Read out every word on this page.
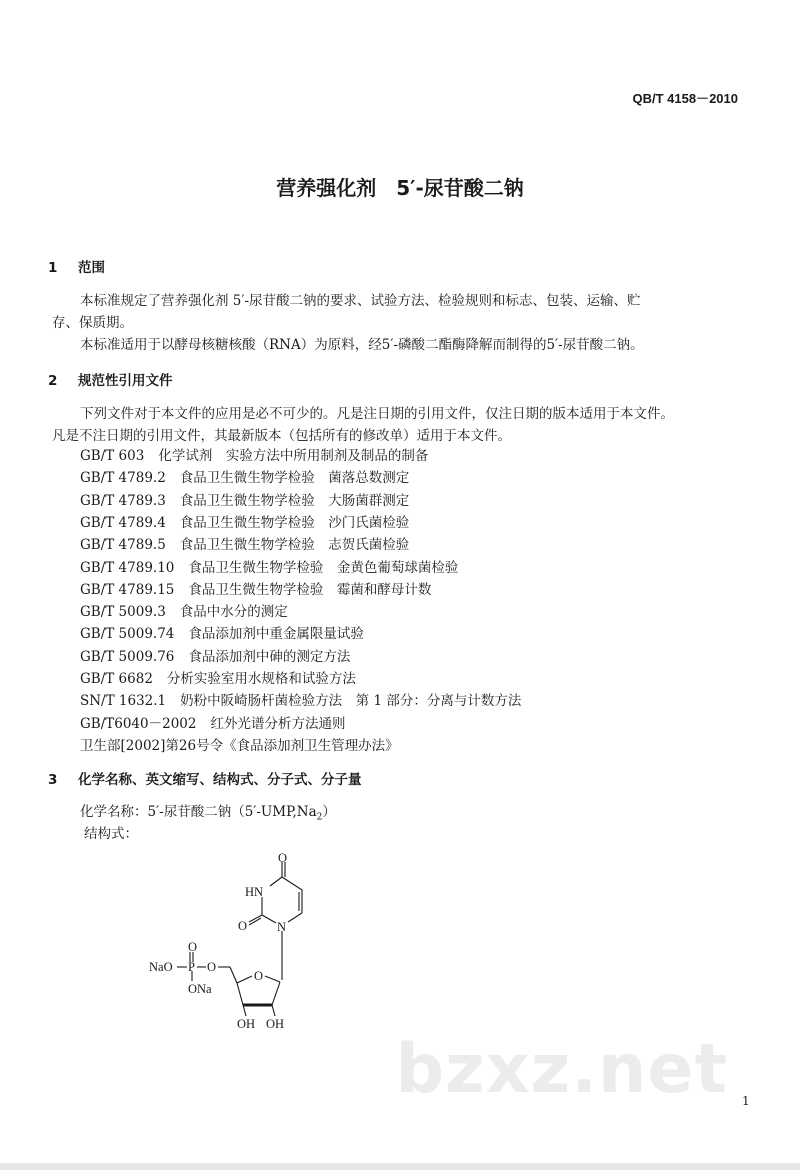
QB/T 4158－2010
营养强化剂　5′-尿苷酸二钠
1 范围
本标准规定了营养强化剂 5′-尿苷酸二钠的要求、试验方法、检验规则和标志、包装、运输、贮
存、保质期。
本标准适用于以酵母核糖核酸（RNA）为原料，经5′-磷酸二酯酶降解而制得的5′-尿苷酸二钠。
2 规范性引用文件
下列文件对于本文件的应用是必不可少的。凡是注日期的引用文件，仅注日期的版本适用于本文件。
凡是不注日期的引用文件，其最新版本（包括所有的修改单）适用于本文件。
GB/T 603 化学试剂　实验方法中所用制剂及制品的制备
GB/T 4789.2 食品卫生微生物学检验　菌落总数测定
GB/T 4789.3 食品卫生微生物学检验　大肠菌群测定
GB/T 4789.4 食品卫生微生物学检验　沙门氏菌检验
GB/T 4789.5 食品卫生微生物学检验　志贺氏菌检验
GB/T 4789.10 食品卫生微生物学检验　金黄色葡萄球菌检验
GB/T 4789.15 食品卫生微生物学检验　霉菌和酵母计数
GB/T 5009.3 食品中水分的测定
GB/T 5009.74 食品添加剂中重金属限量试验
GB/T 5009.76 食品添加剂中砷的测定方法
GB/T 6682 分析实验室用水规格和试验方法
SN/T 1632.1 奶粉中阪崎肠杆菌检验方法　第 1 部分：分离与计数方法
GB/T6040－2002 红外光谱分析方法通则
卫生部[2002]第26号令《食品添加剂卫生管理办法》
3 化学名称、英文缩写、结构式、分子式、分子量
化学名称：5′-尿苷酸二钠$(5'-UMP,Na_2)$
结构式：
O
HN
O N
O
P
O
NaO
ONa
O
OH OH
bzxz.net 1
